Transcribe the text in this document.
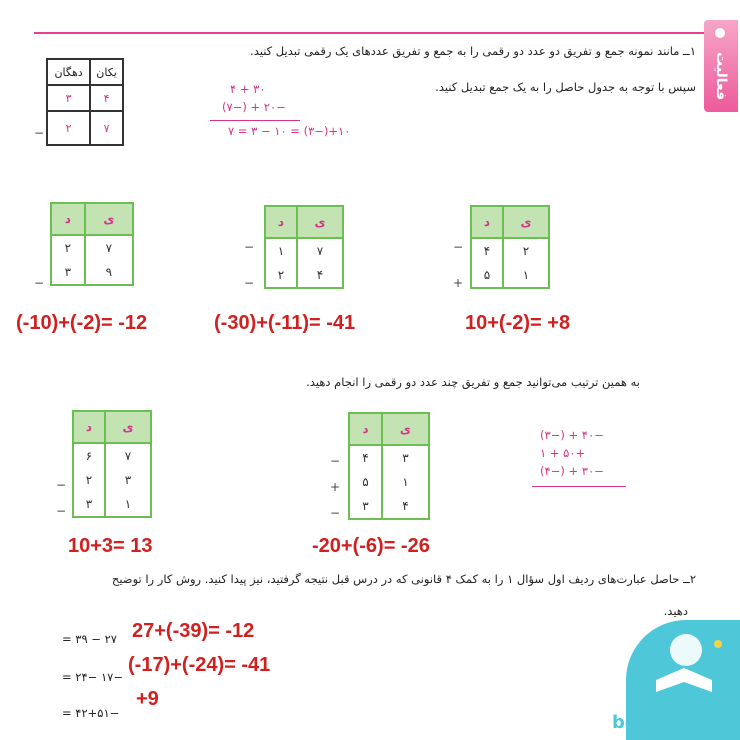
فعالیت
۱ــ مانند نمونه جمع و تفریق دو عدد دو رقمی را به جمع و تفریق عددهای یک رقمی تبدیل کنید.
سپس با توجه به جدول حاصل را به یک جمع تبدیل کنید.
دهگان	یکان
۳	۴
۲	۷
−
۳۰ + ۴
−۲۰ + (−۷)
۱۰+(−۳) = ۱۰ − ۳ = ۷
د	ی
۴	۲
۵	۱
−
+
10+(-2)= +8
د	ی
۱	۷
۲	۴
−
−
(-30)+(-11)= -41
د	ی
۲	۷
۳	۹
−
(-10)+(-2)= -12
به همین ترتیب می‌توانید جمع و تفریق چند عدد دو رقمی را انجام دهید.
−۴۰ + (−۳)
+۵۰ + ۱
−۳۰ + (−۴)
د	ی
۴	۳
۵	۱
۳	۴
−
+
−
-20+(-6)= -26
د	ی
۶	۷
۲	۳
۳	۱
−
−
10+3= 13
۲ــ حاصل عبارت‌های ردیف اول سؤال ۱ را به کمک ۴ قانونی که در درس قبل نتیجه گرفتید، نیز پیدا کنید. روش کار را توضیح
دهید.
۲۷ − ۳۹ = 27+(-39)= -12
−۱۷ −۲۴ =
(-17)+(-24)= -41
−۴۲+۵۱ =
+9
bekhun.com
